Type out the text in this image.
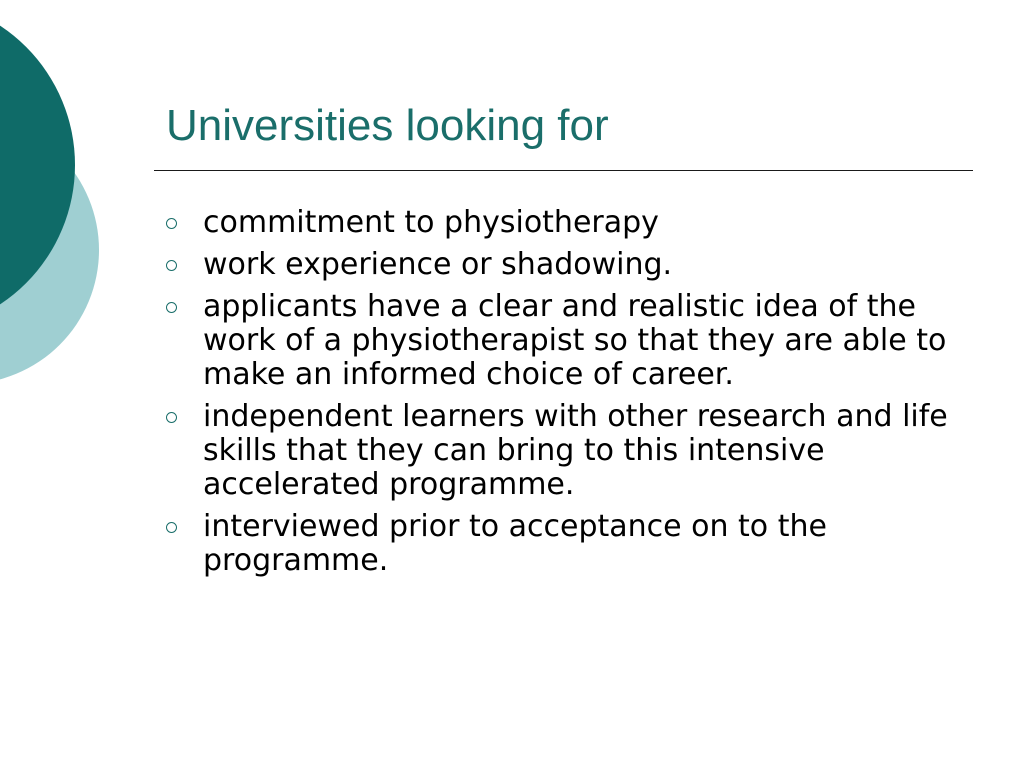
Universities looking for
commitment to physiotherapy
work experience or shadowing.
applicants have a clear and realistic idea of the work of a physiotherapist so that they are able to make an informed choice of career.
independent learners with other research and life skills that they can bring to this intensive accelerated programme.
interviewed prior to acceptance on to the programme.
